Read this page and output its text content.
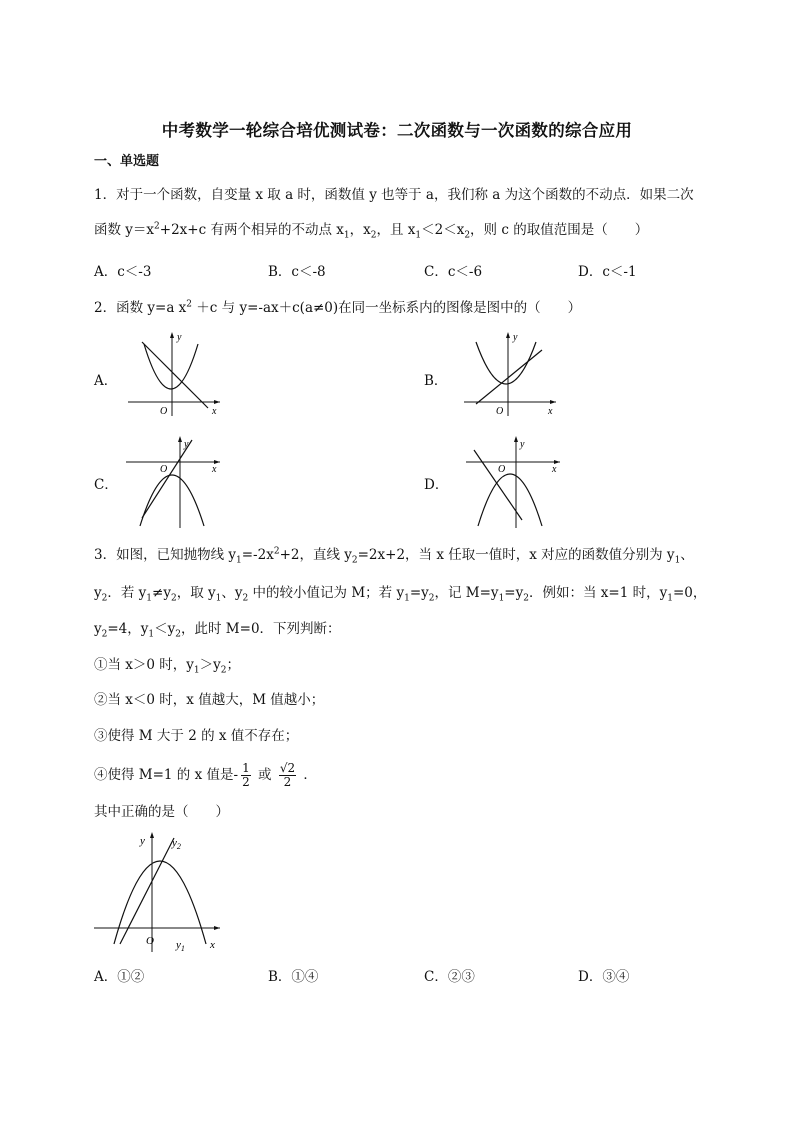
中考数学一轮综合培优测试卷：二次函数与一次函数的综合应用
一、单选题
1．对于一个函数，自变量 x 取 a 时，函数值 y 也等于 a，我们称 a 为这个函数的不动点．如果二次
函数 $y=x^2+2x+c$ 有两个相异的不动点 $x_1$，$x_2$，且 $x_1<2<x_2$，则 c 的取值范围是（　　）
A．c＜-3	B．c＜-8	C．c＜-6	D．c＜-1
2．函数 y=a $x^2 +c$ 与 y=-ax＋c(a≠0)在同一坐标系内的图像是图中的（　　）
A．
y
x
O
B．
y
x
O
C．
y
x
O
D．
y
x
O
3．如图，已知抛物线 $y_1=-2x^2+2$，直线 $y_2=2x+2$，当 x 任取一值时，x 对应的函数值分别为 $y_1$、
$y_2$．若 $y_1\ne y_2$，取 $y_1$、$y_2$ 中的较小值记为 M；若 $y_1=y_2$，记 $M=y_1=y_2$．例如：当 x=1 时，$y_1=0$，
$y_2=4$，$y_1<y_2$，此时 M=0．下列判断：
①当 x＞0 时，$y_1>y_2$；
②当 x＜0 时，x 值越大，M 值越小；
③使得 M 大于 2 的 x 值不存在；
④使得 M=1 的 x 值是- $\frac{1}{2}$ 或 $\frac{√2}{2}$ ．
其中正确的是（　　）
y $y_2$
x
O $y_1$
A．①②	B．①④	C．②③	D．③④
